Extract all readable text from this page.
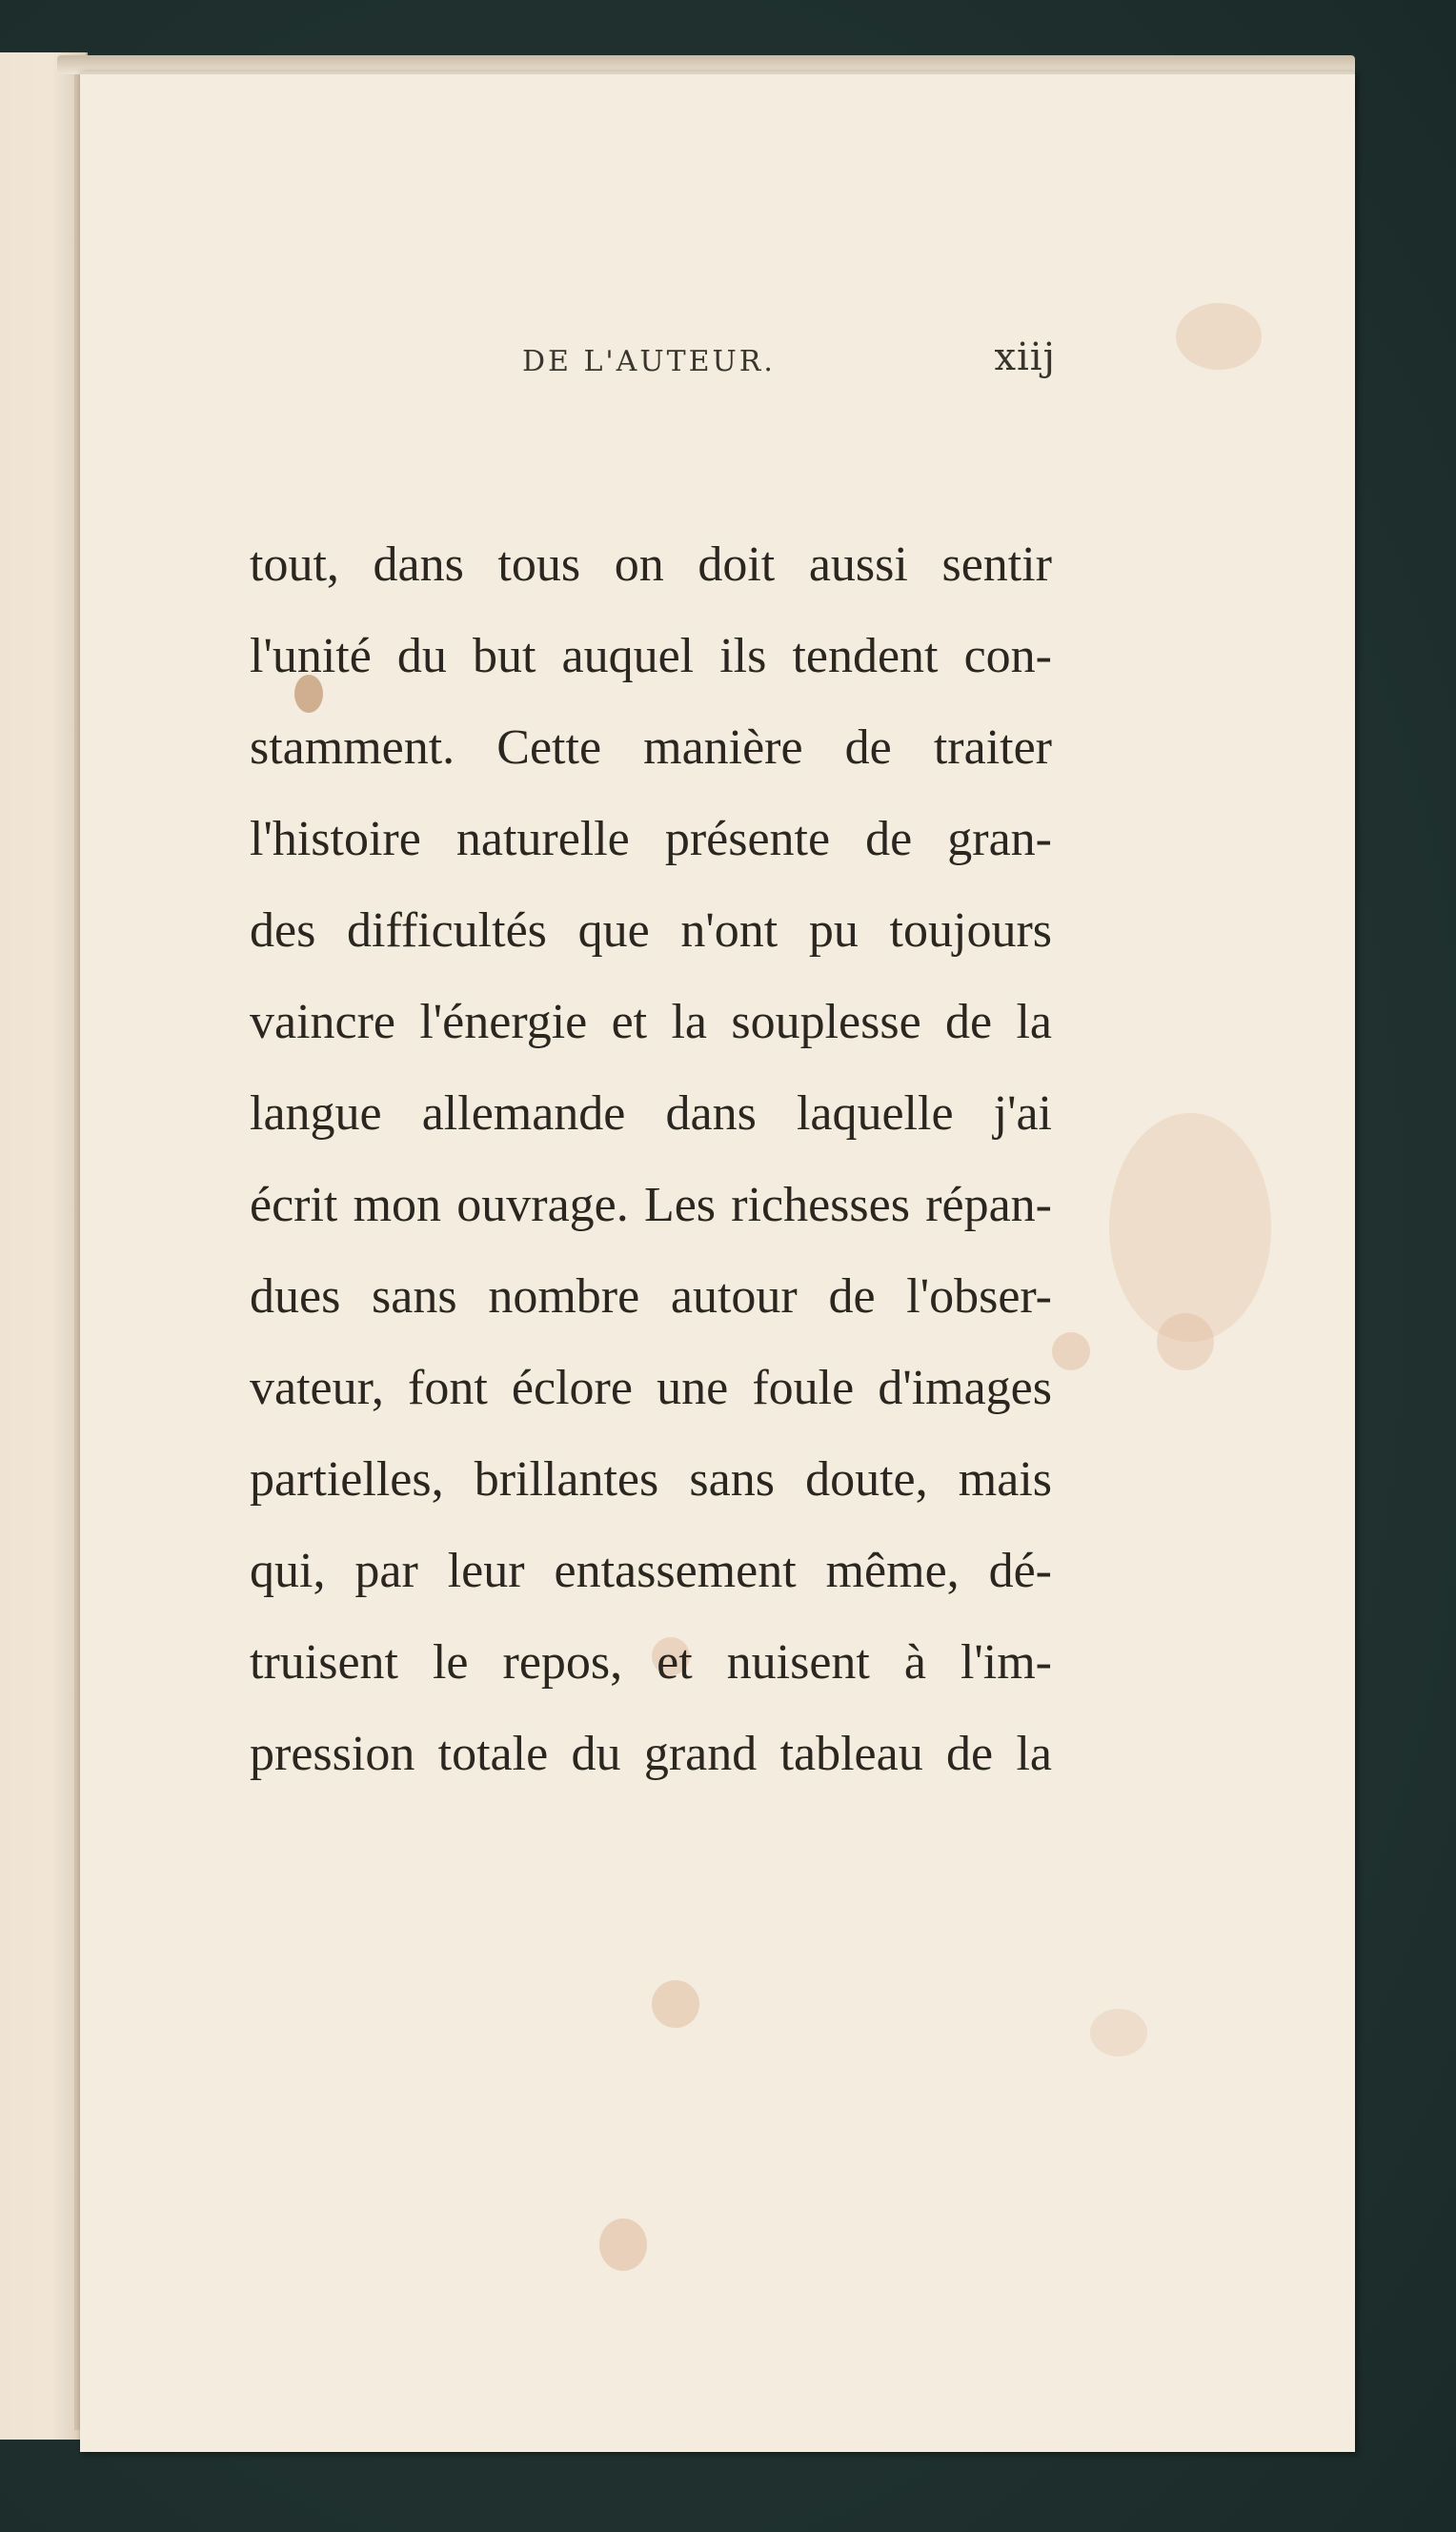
DE L'AUTEUR.	xiij
tout, dans tous on doit aussi sentir
l'unité du but auquel ils tendent con-
stamment. Cette manière de traiter
l'histoire naturelle présente de gran-
des difficultés que n'ont pu toujours
vaincre l'énergie et la souplesse de la
langue allemande dans laquelle j'ai
écrit mon ouvrage. Les richesses répan-
dues sans nombre autour de l'obser-
vateur, font éclore une foule d'images
partielles, brillantes sans doute, mais
qui, par leur entassement même, dé-
truisent le repos, et nuisent à l'im-
pression totale du grand tableau de la
